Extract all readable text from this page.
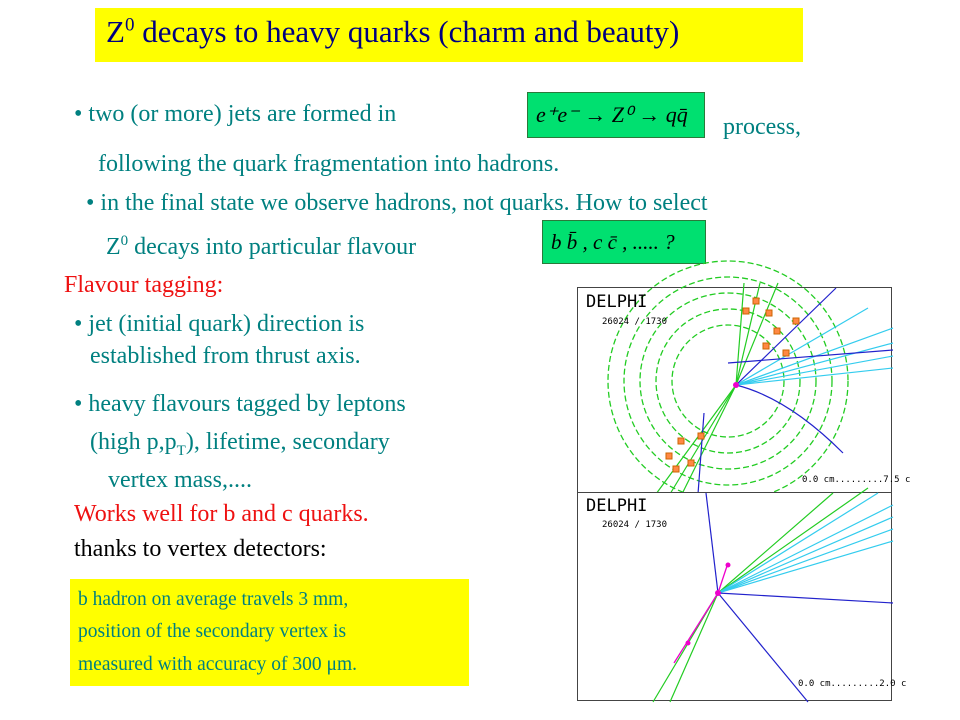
$Z^0$ decays to heavy quarks (charm and beauty)
• two (or more) jets are formed in	e⁺e⁻ → Z⁰ → qq̄	process,
following the quark fragmentation into hadrons.
• in the final state we observe hadrons, not quarks. How to select
$Z^0$ decays into particular flavour	b b̄ , c c̄ , ..... ?
Flavour tagging:
• jet (initial quark) direction is
established from thrust axis.
• heavy flavours tagged by leptons
(high $p,p_T$), lifetime, secondary
vertex mass,....
Works well for b and c quarks.
thanks to vertex detectors:
b hadron on average travels 3 mm,
position of the secondary vertex is
measured with accuracy of 300 μm.
DELPHI
26024 / 1730
0.0 cm.........7.5 c
DELPHI
26024 / 1730
0.0 cm.........2.0 c
